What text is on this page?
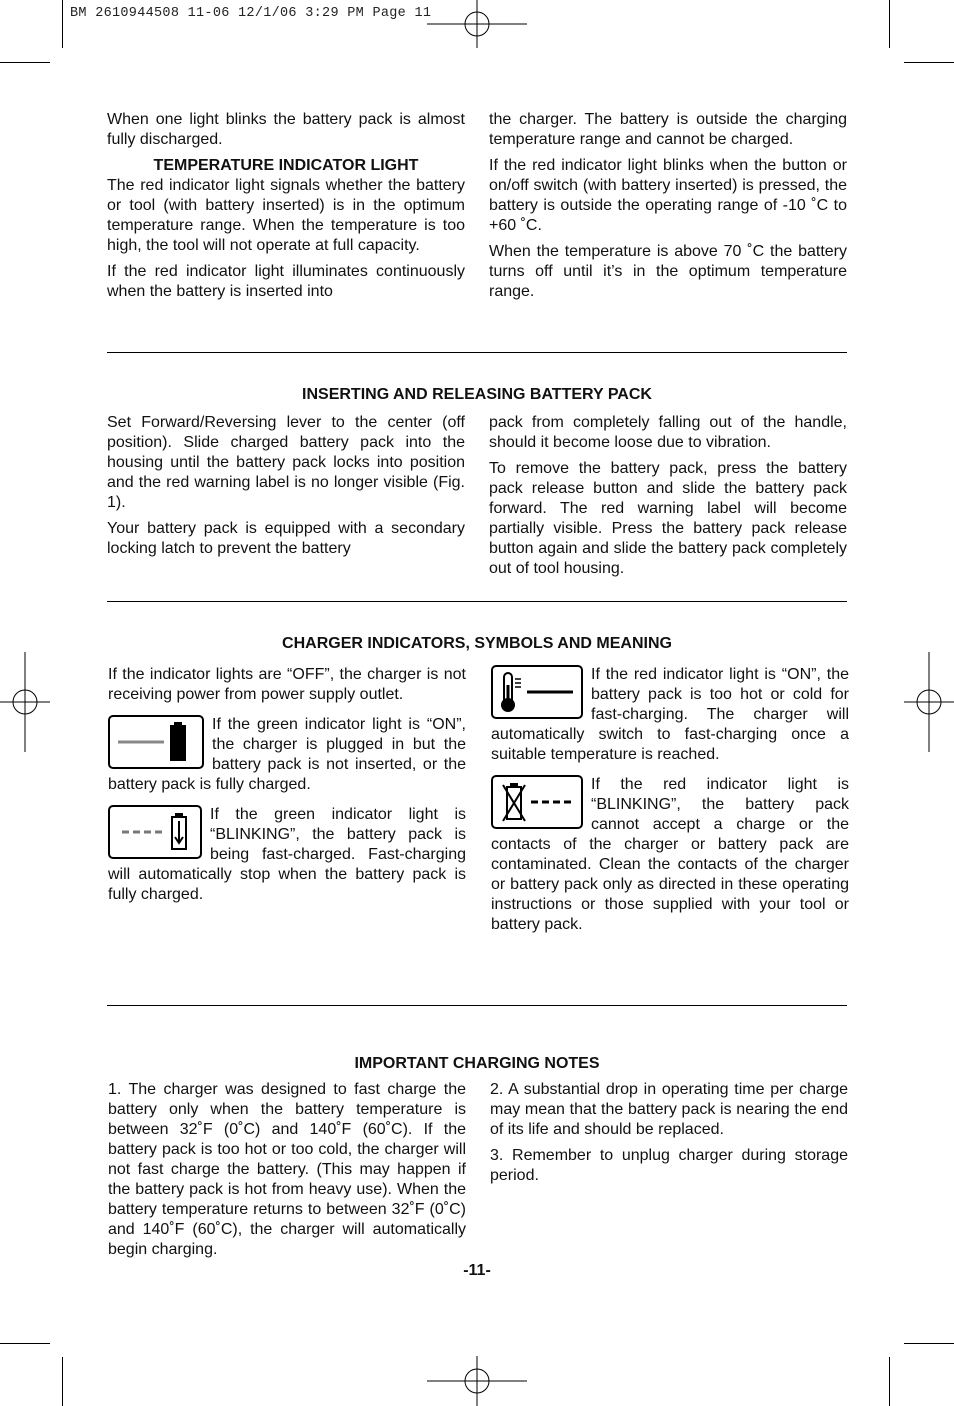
BM 2610944508 11-06 12/1/06 3:29 PM Page 11

When one light blinks the battery pack is almost fully discharged.

TEMPERATURE INDICATOR LIGHT

The red indicator light signals whether the battery or tool (with battery inserted) is in the optimum temperature range. When the temperature is too high, the tool will not operate at full capacity.

If the red indicator light illuminates continuously when the battery is inserted into

the charger. The battery is outside the charging temperature range and cannot be charged.

If the red indicator light blinks when the button or on/off switch (with battery inserted) is pressed, the battery is outside the operating range of -10 ˚C to +60 ˚C.

When the temperature is above 70 ˚C the battery turns off until it’s in the optimum temperature range.

INSERTING AND RELEASING BATTERY PACK

Set Forward/Reversing lever to the center (off position). Slide charged battery pack into the housing until the battery pack locks into position and the red warning label is no longer visible (Fig. 1).

Your battery pack is equipped with a secondary locking latch to prevent the battery

pack from completely falling out of the handle, should it become loose due to vibration.

To remove the battery pack, press the battery pack release button and slide the battery pack forward. The red warning label will become partially visible. Press the battery pack release button again and slide the battery pack completely out of tool housing.

CHARGER INDICATORS, SYMBOLS AND MEANING

If the indicator lights are “OFF”, the charger is not receiving power from power supply outlet.

If the green indicator light is “ON”, the charger is plugged in but the battery pack is not inserted, or the battery pack is fully charged.

If the green indicator light is “BLINKING”, the battery pack is being fast-charged. Fast-charging will automatically stop when the battery pack is fully charged.

If the red indicator light is “ON”, the battery pack is too hot or cold for fast-charging. The charger will automatically switch to fast-charging once a suitable temperature is reached.

If the red indicator light is “BLINKING”, the battery pack cannot accept a charge or the contacts of the charger or battery pack are contaminated. Clean the contacts of the charger or battery pack only as directed in these operating instructions or those supplied with your tool or battery pack.

IMPORTANT CHARGING NOTES

1. The charger was designed to fast charge the battery only when the battery temperature is between 32˚F (0˚C) and 140˚F (60˚C). If the battery pack is too hot or too cold, the charger will not fast charge the battery. (This may happen if the battery pack is hot from heavy use). When the battery temperature returns to between 32˚F (0˚C) and 140˚F (60˚C), the charger will automatically begin charging.

2. A substantial drop in operating time per charge may mean that the battery pack is nearing the end of its life and should be replaced.

3. Remember to unplug charger during storage period.

-11-
